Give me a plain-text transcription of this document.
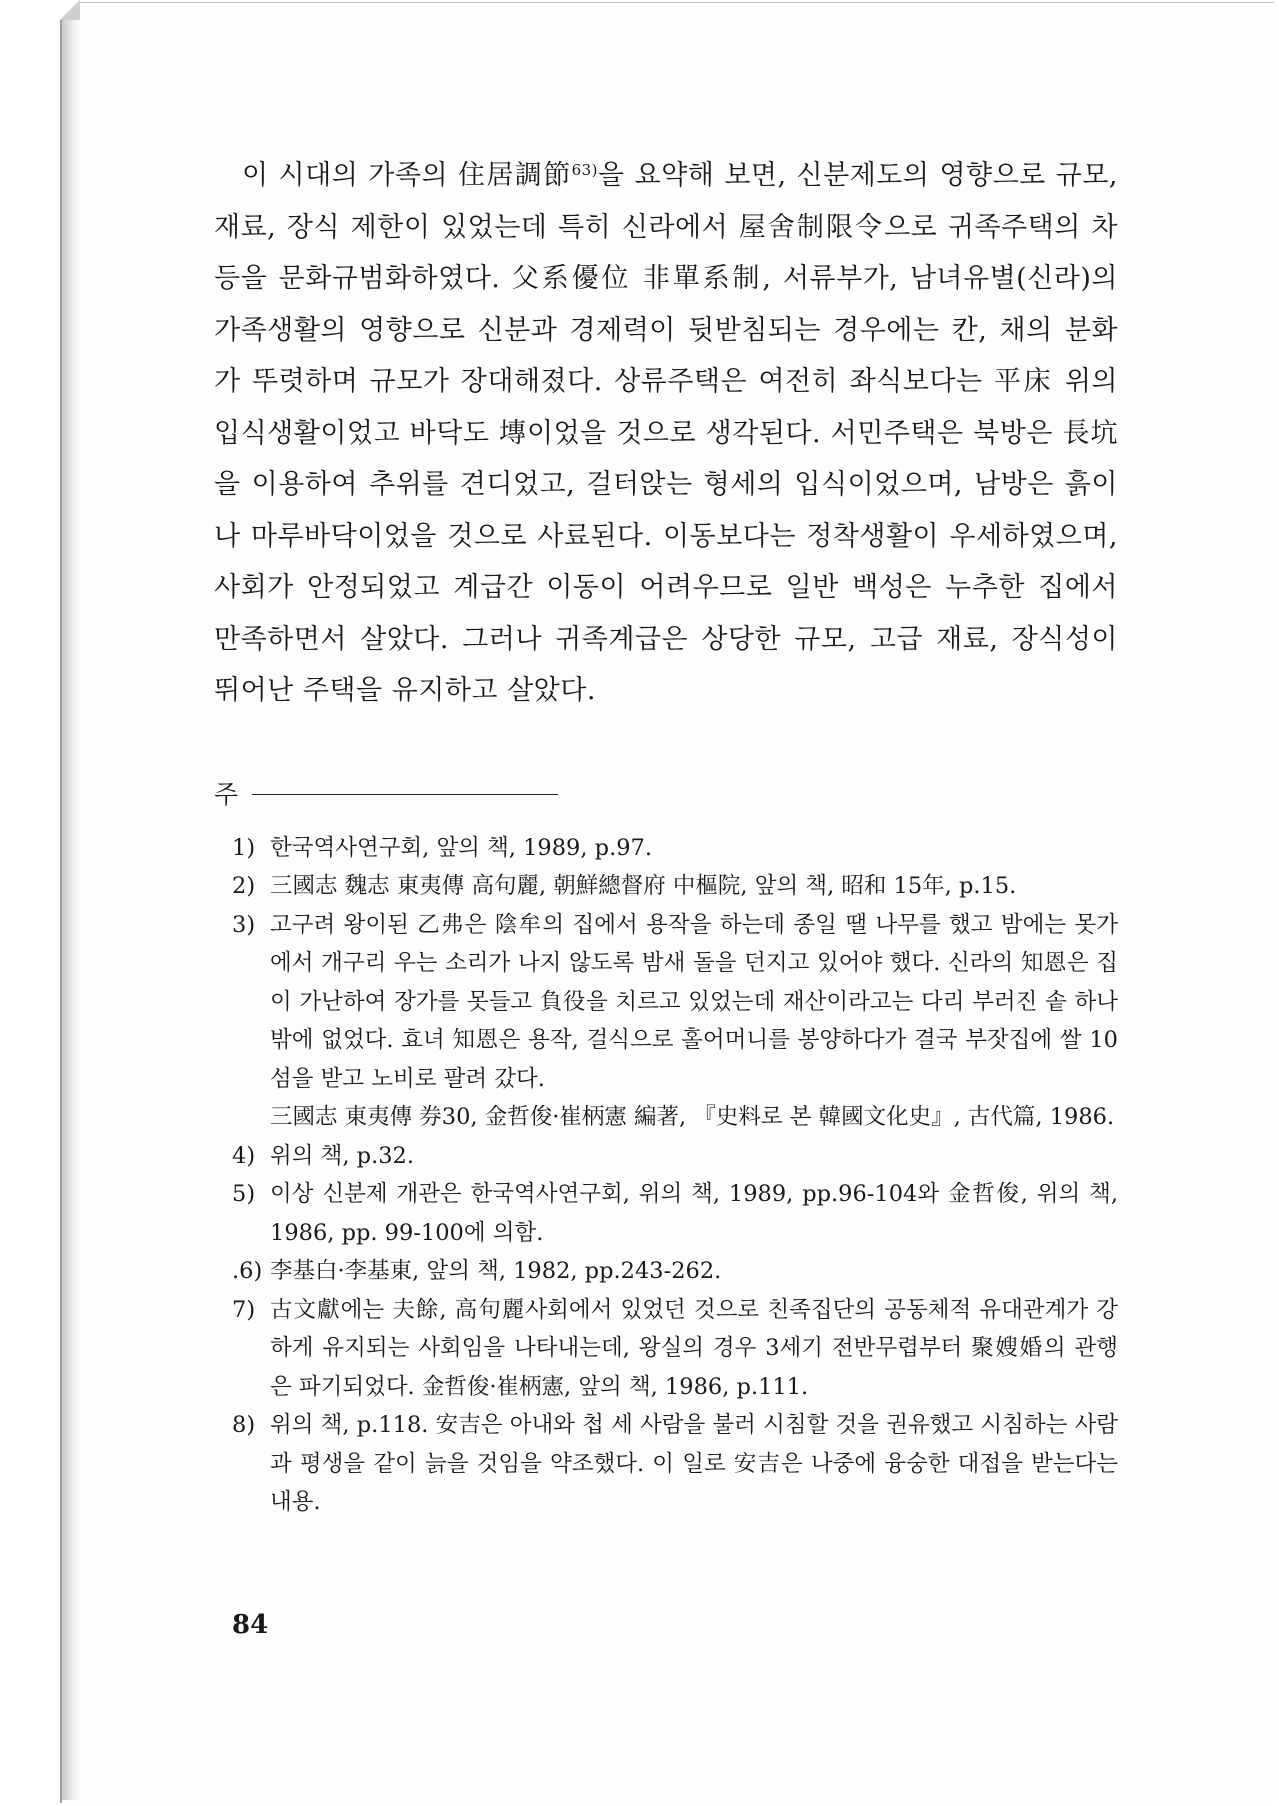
이 시대의 가족의 住居調節$^{63)}$을 요약해 보면, 신분제도의 영향으로 규모, 재료, 장식 제한이 있었는데 특히 신라에서 屋舍制限令으로 귀족주택의 차등을 문화규범화하였다. 父系優位 非單系制, 서류부가, 남녀유별(신라)의 가족생활의 영향으로 신분과 경제력이 뒷받침되는 경우에는 칸, 채의 분화가 뚜렷하며 규모가 장대해졌다. 상류주택은 여전히 좌식보다는 平床 위의 입식생활이었고 바닥도 塼이었을 것으로 생각된다. 서민주택은 북방은 長坑을 이용하여 추위를 견디었고, 걸터앉는 형세의 입식이었으며, 남방은 흙이나 마루바닥이었을 것으로 사료된다. 이동보다는 정착생활이 우세하였으며, 사회가 안정되었고 계급간 이동이 어려우므로 일반 백성은 누추한 집에서 만족하면서 살았다. 그러나 귀족계급은 상당한 규모, 고급 재료, 장식성이 뛰어난 주택을 유지하고 살았다.

주
1) 한국역사연구회, 앞의 책, 1989, p.97.
2) 三國志 魏志 東夷傳 高句麗, 朝鮮總督府 中樞院, 앞의 책, 昭和 15年, p.15.
3) 고구려 왕이된 乙弗은 陰牟의 집에서 용작을 하는데 종일 땔 나무를 했고 밤에는 못가에서 개구리 우는 소리가 나지 않도록 밤새 돌을 던지고 있어야 했다. 신라의 知恩은 집이 가난하여 장가를 못들고 負役을 치르고 있었는데 재산이라고는 다리 부러진 솥 하나밖에 없었다. 효녀 知恩은 용작, 걸식으로 홀어머니를 봉양하다가 결국 부잣집에 쌀 10섬을 받고 노비로 팔려 갔다.
三國志 東夷傳 券30, 金哲俊·崔柄憲 編著, 『史料로 본 韓國文化史』, 古代篇, 1986.
4) 위의 책, p.32.
5) 이상 신분제 개관은 한국역사연구회, 위의 책, 1989, pp.96-104와 金哲俊, 위의 책, 1986, pp. 99-100에 의함.
.6) 李基白·李基東, 앞의 책, 1982, pp.243-262.
7) 古文獻에는 夫餘, 高句麗사회에서 있었던 것으로 친족집단의 공동체적 유대관계가 강하게 유지되는 사회임을 나타내는데, 왕실의 경우 3세기 전반무렵부터 聚嫂婚의 관행은 파기되었다. 金哲俊·崔柄憲, 앞의 책, 1986, p.111.
8) 위의 책, p.118. 安吉은 아내와 첩 세 사람을 불러 시침할 것을 권유했고 시침하는 사람과 평생을 같이 늙을 것임을 약조했다. 이 일로 安吉은 나중에 융숭한 대접을 받는다는 내용.
84
